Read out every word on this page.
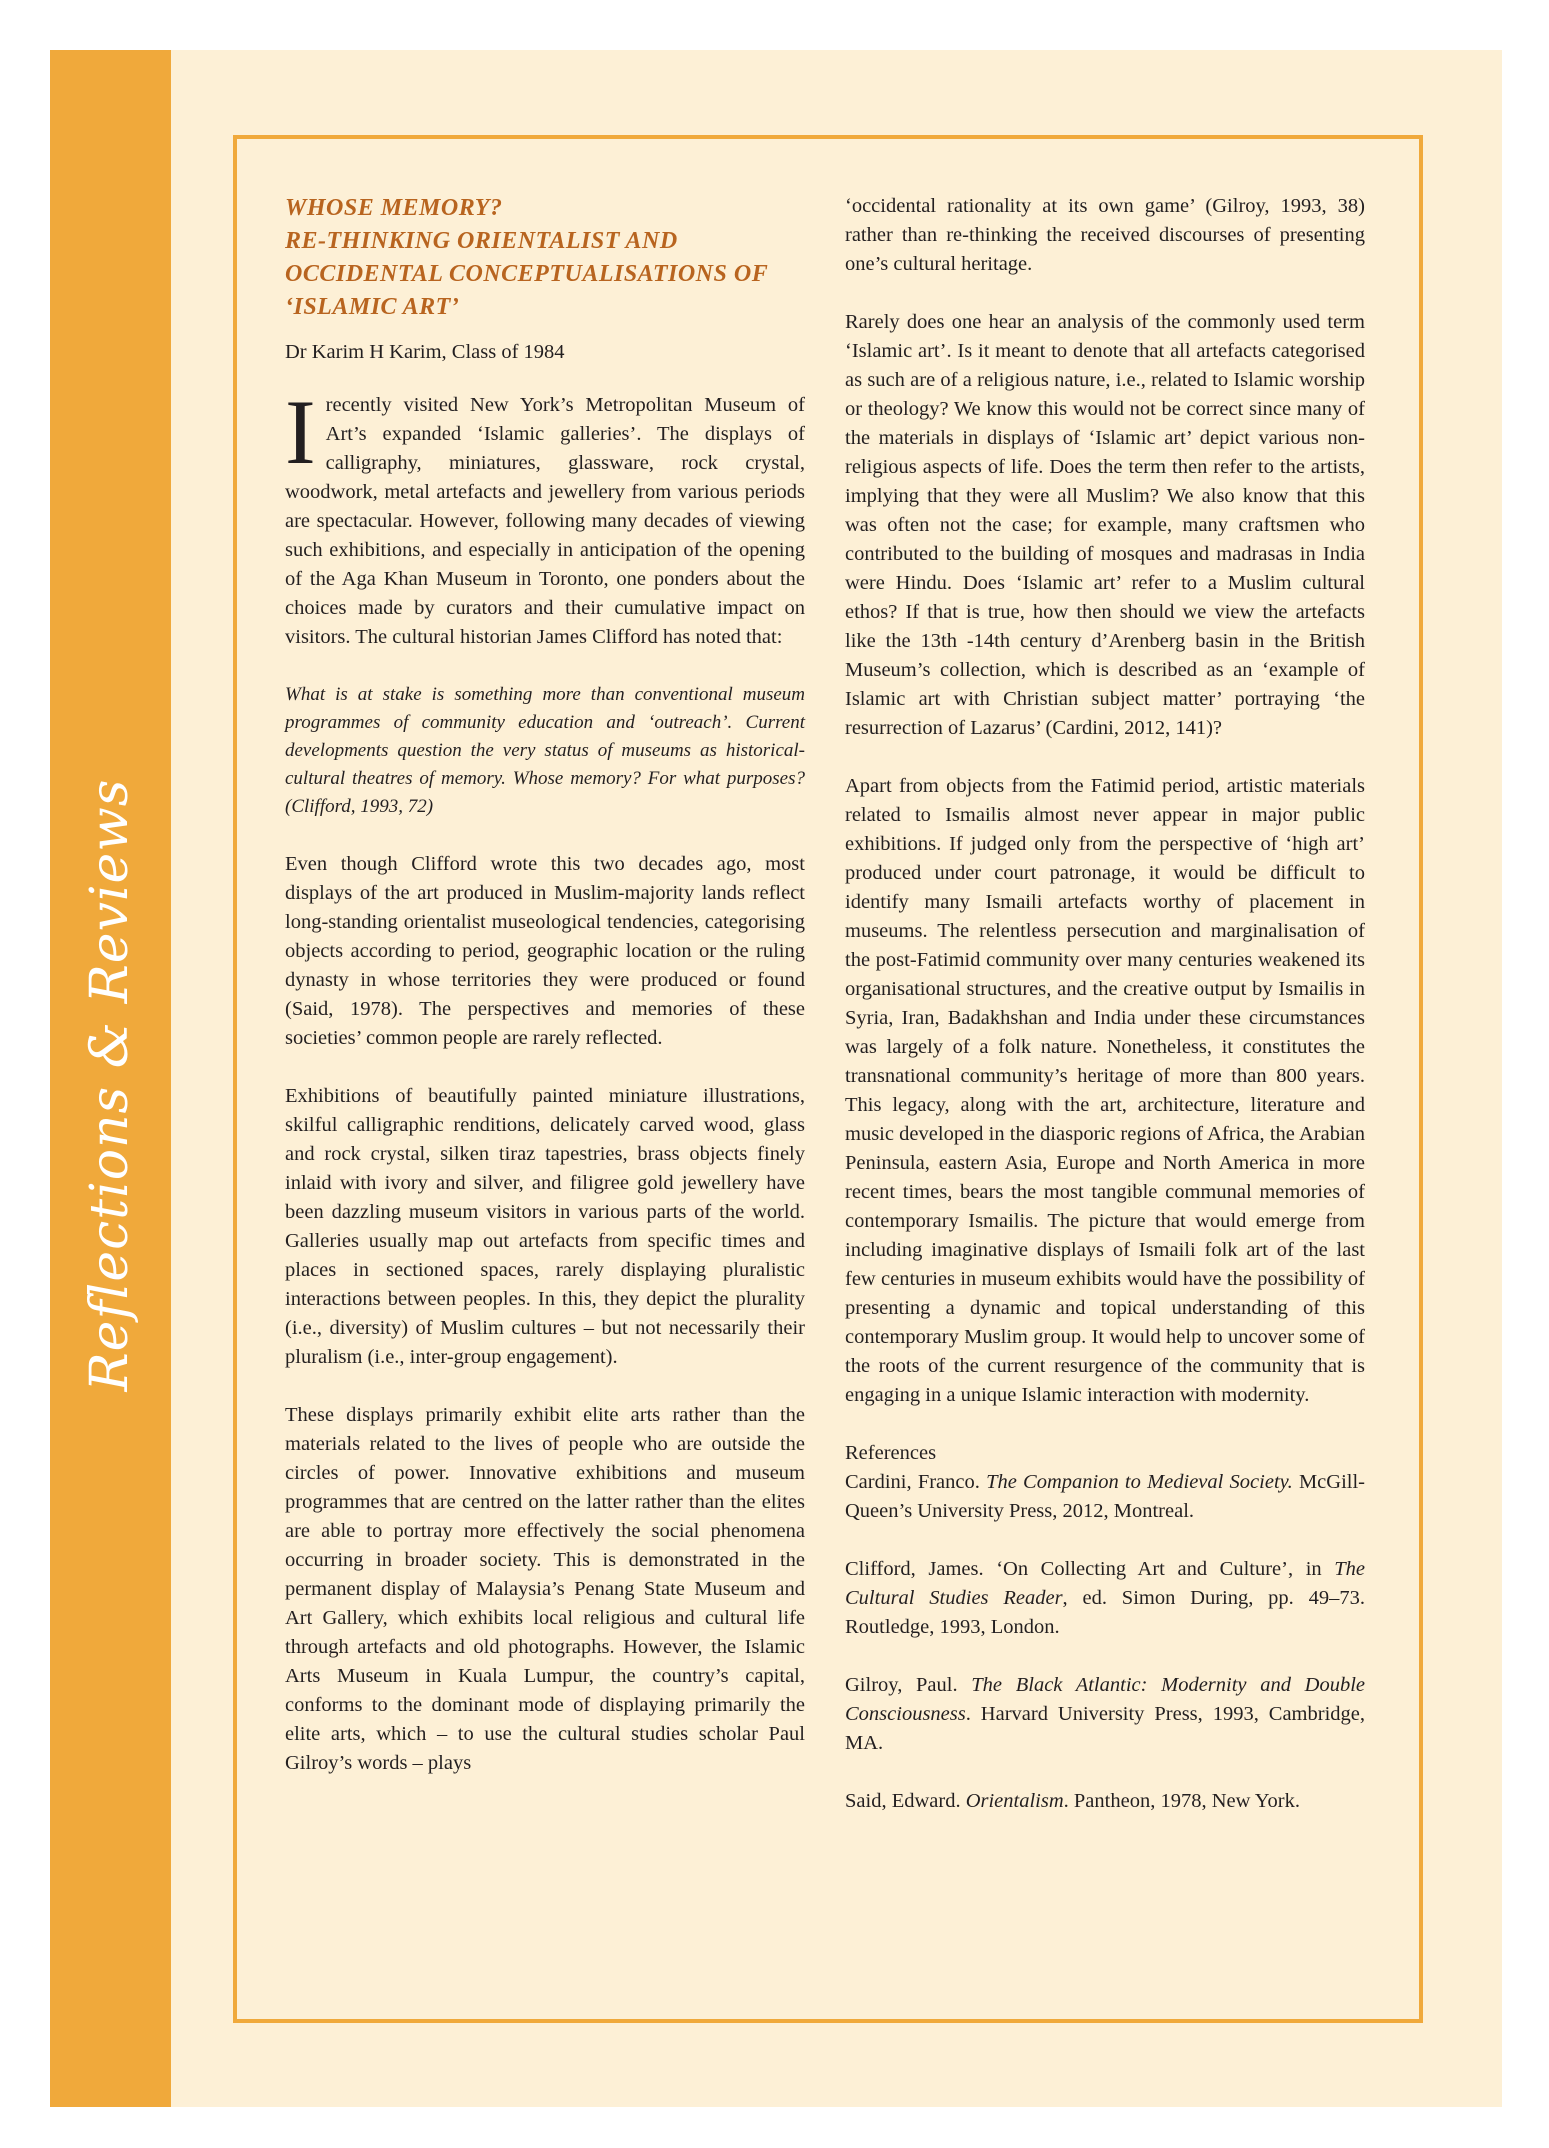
Reflections & Reviews
WHOSE MEMORY?
RE-THINKING ORIENTALIST AND
OCCIDENTAL CONCEPTUALISATIONS OF
‘ISLAMIC ART’

Dr Karim H Karim, Class of 1984

Irecently visited New York’s Metropolitan Museum of Art’s expanded ‘Islamic galleries’. The displays of calligraphy, miniatures, glassware, rock crystal, woodwork, metal artefacts and jewellery from various periods are spectacular. However, following many decades of viewing such exhibitions, and especially in anticipation of the opening of the Aga Khan Museum in Toronto, one ponders about the choices made by curators and their cumulative impact on visitors. The cultural historian James Clifford has noted that:

What is at stake is something more than conventional museum programmes of community education and ‘outreach’. Current developments question the very status of museums as historical-cultural theatres of memory. Whose memory? For what purposes? (Clifford, 1993, 72)

Even though Clifford wrote this two decades ago, most displays of the art produced in Muslim-majority lands reflect long-standing orientalist museological tendencies, categorising objects according to period, geographic location or the ruling dynasty in whose territories they were produced or found (Said, 1978). The perspectives and memories of these societies’ common people are rarely reflected.

Exhibitions of beautifully painted miniature illustrations, skilful calligraphic renditions, delicately carved wood, glass and rock crystal, silken tiraz tapestries, brass objects finely inlaid with ivory and silver, and filigree gold jewellery have been dazzling museum visitors in various parts of the world. Galleries usually map out artefacts from specific times and places in sectioned spaces, rarely displaying pluralistic interactions between peoples. In this, they depict the plurality (i.e., diversity) of Muslim cultures – but not necessarily their pluralism (i.e., inter-group engagement).

These displays primarily exhibit elite arts rather than the materials related to the lives of people who are outside the circles of power. Innovative exhibitions and museum programmes that are centred on the latter rather than the elites are able to portray more effectively the social phenomena occurring in broader society. This is demonstrated in the permanent display of Malaysia’s Penang State Museum and Art Gallery, which exhibits local religious and cultural life through artefacts and old photographs. However, the Islamic Arts Museum in Kuala Lumpur, the country’s capital, conforms to the dominant mode of displaying primarily the elite arts, which – to use the cultural studies scholar Paul Gilroy’s words – plays

‘occidental rationality at its own game’ (Gilroy, 1993, 38) rather than re-thinking the received discourses of presenting one’s cultural heritage.

Rarely does one hear an analysis of the commonly used term ‘Islamic art’. Is it meant to denote that all artefacts categorised as such are of a religious nature, i.e., related to Islamic worship or theology? We know this would not be correct since many of the materials in displays of ‘Islamic art’ depict various non-religious aspects of life. Does the term then refer to the artists, implying that they were all Muslim? We also know that this was often not the case; for example, many craftsmen who contributed to the building of mosques and madrasas in India were Hindu. Does ‘Islamic art’ refer to a Muslim cultural ethos? If that is true, how then should we view the artefacts like the 13th -14th century d’Arenberg basin in the British Museum’s collection, which is described as an ‘example of Islamic art with Christian subject matter’ portraying ‘the resurrection of Lazarus’ (Cardini, 2012, 141)?

Apart from objects from the Fatimid period, artistic materials related to Ismailis almost never appear in major public exhibitions. If judged only from the perspective of ‘high art’ produced under court patronage, it would be difficult to identify many Ismaili artefacts worthy of placement in museums. The relentless persecution and marginalisation of the post-Fatimid community over many centuries weakened its organisational structures, and the creative output by Ismailis in Syria, Iran, Badakhshan and India under these circumstances was largely of a folk nature. Nonetheless, it constitutes the transnational community’s heritage of more than 800 years. This legacy, along with the art, architecture, literature and music developed in the diasporic regions of Africa, the Arabian Peninsula, eastern Asia, Europe and North America in more recent times, bears the most tangible communal memories of contemporary Ismailis. The picture that would emerge from including imaginative displays of Ismaili folk art of the last few centuries in museum exhibits would have the possibility of presenting a dynamic and topical understanding of this contemporary Muslim group. It would help to uncover some of the roots of the current resurgence of the community that is engaging in a unique Islamic interaction with modernity.

References

Cardini, Franco. The Companion to Medieval Society. McGill-Queen’s University Press, 2012, Montreal.

Clifford, James. ‘On Collecting Art and Culture’, in The Cultural Studies Reader, ed. Simon During, pp. 49–73. Routledge, 1993, London.

Gilroy, Paul. The Black Atlantic: Modernity and Double Consciousness. Harvard University Press, 1993, Cambridge, MA.

Said, Edward. Orientalism. Pantheon, 1978, New York.
